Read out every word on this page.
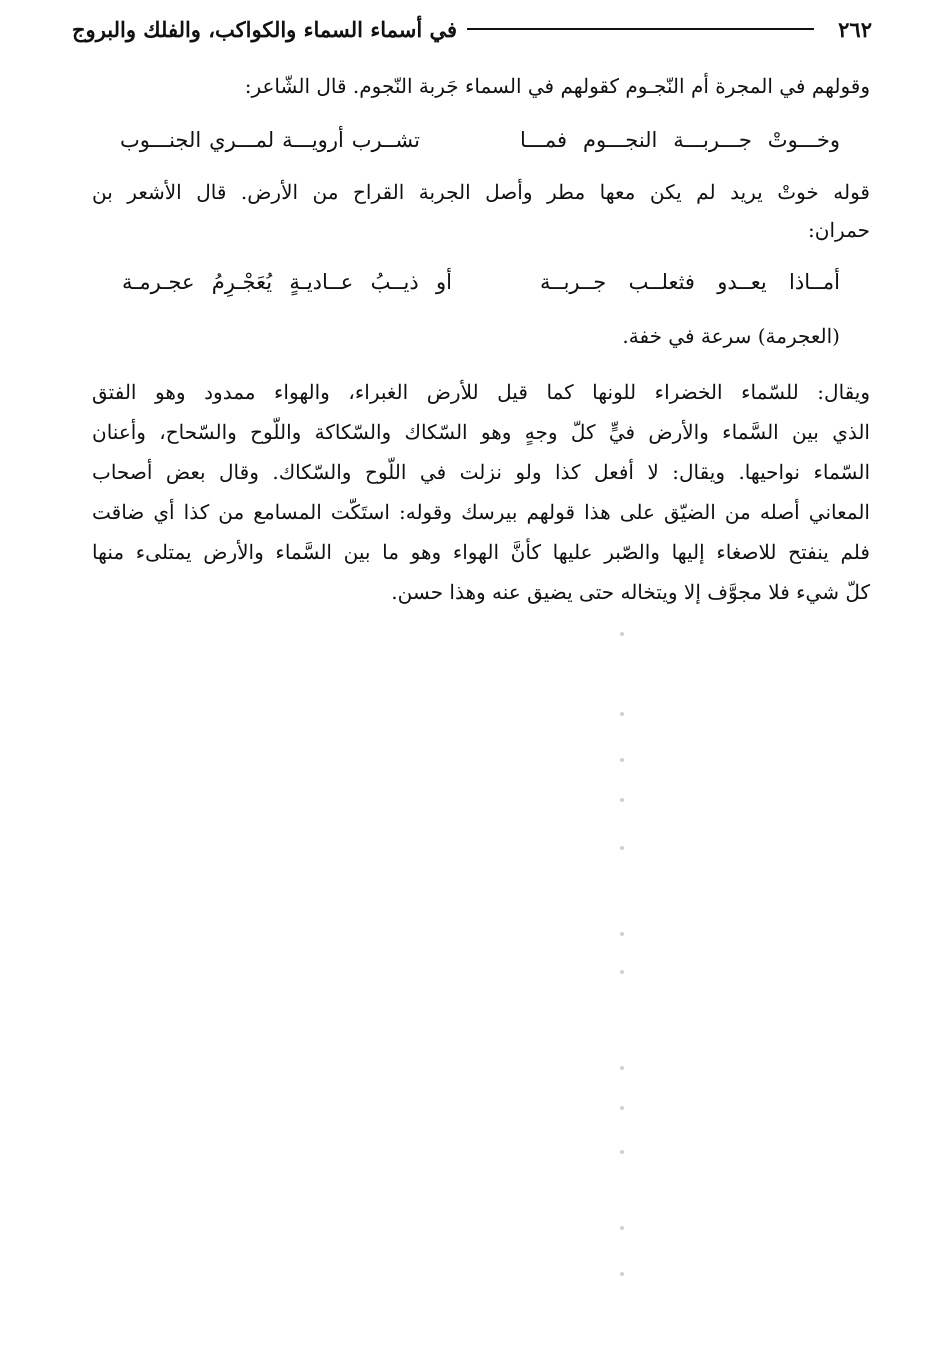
٢٦٢
في أسماء السماء والكواكب، والفلك والبروج
وقولهم في المجرة أم النّجـوم كقولهم في السماء جَربة النّجوم. قال الشّاعر:
وخـــوتْ جـــربـــة النجـــوم فمـــا
تشــرب أرويـــة لمـــري الجنـــوب
قوله خوتْ يريد لم يكن معها مطر وأصل الجربة القراح من الأرض. قال الأشعر بن
حمران:
أمــاذا يعــدو فثعلــب جــربــة
أو ذيــبُ عــاديـةٍ يُعَجْـرِمُ عجـرمـة
(العجرمة) سرعة في خفة.
ويقال: للسّماء الخضراء للونها كما قيل للأرض الغبراء، والهواء ممدود وهو الفتق
الذي بين السَّماء والأرض فيٍّ كلّ وجهٍ وهو السّكاك والسّكاكة واللّوح والسّحاح، وأعنان
السّماء نواحيها. ويقال: لا أفعل كذا ولو نزلت في اللّوح والسّكاك. وقال بعض أصحاب
المعاني أصله من الضيّق على هذا قولهم بيرسك وقوله: استَكّت المسامع من كذا أي ضاقت
فلم ينفتح للاصغاء إليها والصّبر عليها كأنَّ الهواء وهو ما بين السَّماء والأرض يمتلىء منها
كلّ شيء فلا مجوَّف إلا ويتخاله حتى يضيق عنه وهذا حسن.
